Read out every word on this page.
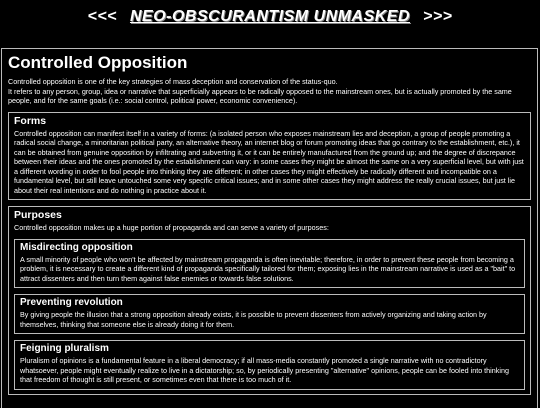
<<< NEO-OBSCURANTISM UNMASKED >>>
Controlled Opposition

Controlled opposition is one of the key strategies of mass deception and conservation of the status-quo.

It refers to any person, group, idea or narrative that superficially appears to be radically opposed to the mainstream ones, but is actually promoted by the same people, and for the same goals (i.e.: social control, political power, economic convenience).

Forms

Controlled opposition can manifest itself in a variety of forms: (a isolated person who exposes mainstream lies and deception, a group of people promoting a radical social change, a minoritarian political party, an alternative theory, an internet blog or forum promoting ideas that go contrary to the establishment, etc.), it can be obtained from genuine opposition by infiltrating and subverting it, or it can be entirely manufactured from the ground up; and the degree of discrepance between their ideas and the ones promoted by the establishment can vary: in some cases they might be almost the same on a very superficial level, but with just a different wording in order to fool people into thinking they are different; in other cases they might effectively be radically different and incompatible on a fundamental level, but still leave untouched some very specific critical issues; and in some other cases they might address the really crucial issues, but just lie about their real intentions and do nothing in practice about it.

Purposes

Controlled opposition makes up a huge portion of propaganda and can serve a variety of purposes:

Misdirecting opposition

A small minority of people who won't be affected by mainstream propaganda is often inevitable; therefore, in order to prevent these people from becoming a problem, it is necessary to create a different kind of propaganda specifically tailored for them; exposing lies in the mainstream narrative is used as a "bait" to attract dissenters and then turn them against false enemies or towards false solutions.

Preventing revolution

By giving people the illusion that a strong opposition already exists, it is possible to prevent dissenters from actively organizing and taking action by themselves, thinking that someone else is already doing it for them.

Feigning pluralism

Pluralism of opinions is a fundamental feature in a liberal democracy; if all mass-media constantly promoted a single narrative with no contradictory whatsoever, people might eventually realize to live in a dictatorship; so, by periodically presenting "alternative" opinions, people can be fooled into thinking that freedom of thought is still present, or sometimes even that there is too much of it.
